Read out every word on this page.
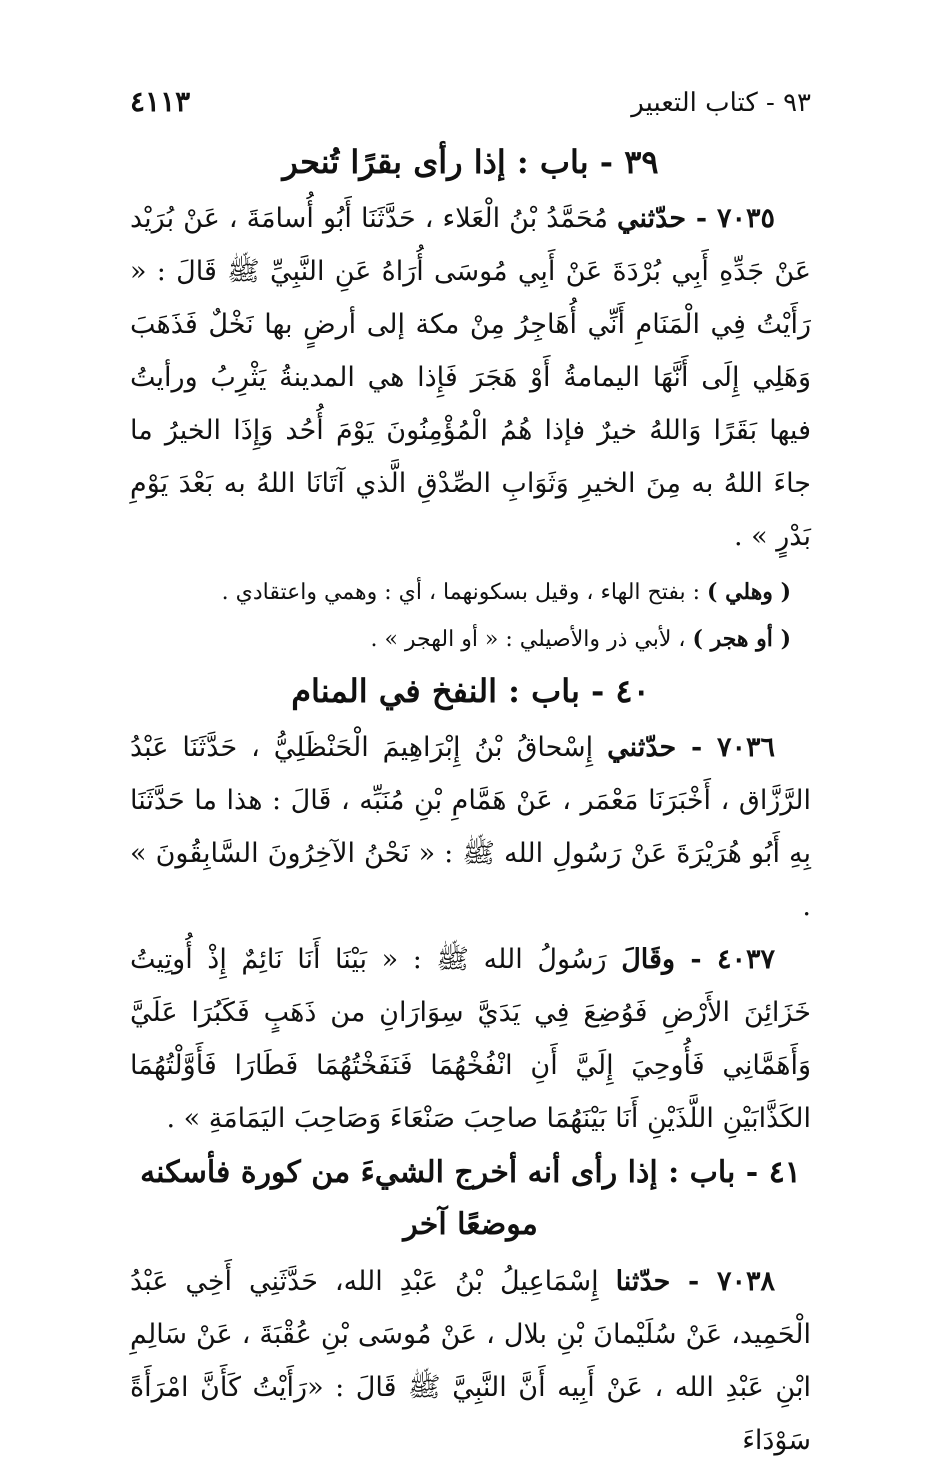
٩٣ - كتاب التعبير
٤١١٣
٣٩ - باب : إذا رأى بقرًا تُنحر

٧٠٣٥ - حدّثني مُحَمَّدُ بْنُ الْعَلاء ، حَدَّثَنَا أَبُو أُسامَةَ ، عَنْ بُرَيْد عَنْ جَدِّهِ أَبِي بُرْدَةَ عَنْ أَبِي مُوسَى أُرَاهُ عَنِ النَّبِيِّ ﷺ قَالَ : « رَأَيْتُ فِي الْمَنَامِ أَنِّي أُهَاجِرُ مِنْ مكة إلى أرضٍ بها نَخْلٌ فَذَهَبَ وَهَلِي إِلَى أَنَّهَا اليمامةُ أَوْ هَجَرَ فَإِذا هي المدينةُ يَثْرِبُ ورأيتُ فيها بَقَرًا وَاللهُ خيرٌ فإذا هُمُ الْمُؤْمِنُونَ يَوْمَ أُحُد وَإِذَا الخيرُ ما جاءَ اللهُ به مِنَ الخيرِ وَثَوَابِ الصِّدْقِ الَّذي آتَانَا اللهُ به بَعْدَ يَوْمِ بَدْرٍ » .

( وهلي ) : بفتح الهاء ، وقيل بسكونهما ، أي : وهمي واعتقادي .

( أو هجر ) ، لأبي ذر والأصيلي : « أو الهجر » .

٤٠ - باب : النفخ في المنام

٧٠٣٦ - حدّثني إِسْحاقُ بْنُ إِبْرَاهِيمَ الْحَنْظَلِيُّ ، حَدَّثَنَا عَبْدُ الرَّزَّاق ، أَخْبَرَنَا مَعْمَر ، عَنْ هَمَّامِ بْنِ مُنَبِّه ، قَالَ : هذا ما حَدَّثَنَا بِهِ أَبُو هُرَيْرَةَ عَنْ رَسُولِ الله ﷺ : « نَحْنُ الآخِرُونَ السَّابِقُونَ » .

٤٠٣٧ - وقَالَ رَسُولُ الله ﷺ : « بَيْنَا أَنَا نَائِمٌ إِذْ أُوتِيتُ خَزَائِنَ الأَرْضِ فَوُضِعَ فِي يَدَيَّ سِوَارَانِ من ذَهَبٍ فَكَبُرَا عَلَيَّ وَأَهَمَّانِي فَأُوحِيَ إِلَيَّ أَنِ انْفُخْهُمَا فَنَفَخْتُهُمَا فَطَارَا فَأَوَّلْتُهُمَا الكَذَّابَيْنِ اللَّذَيْنِ أَنَا بَيْنَهُمَا صاحِبَ صَنْعَاءَ وَصَاحِبَ اليَمَامَةِ » .

٤١ - باب : إذا رأى أنه أخرج الشيءَ من كورة فأسكنه موضعًا آخر

٧٠٣٨ - حدّثنا إِسْمَاعِيلُ بْنُ عَبْدِ الله، حَدَّثَنِي أَخِي عَبْدُ الْحَمِيد، عَنْ سُلَيْمانَ بْنِ بلال ، عَنْ مُوسَى بْنِ عُقْبَةَ ، عَنْ سَالِمِ ابْنِ عَبْدِ الله ، عَنْ أَبِيه أَنَّ النَّبِيَّ ﷺ قَالَ : «رَأَيْتُ كَأَنَّ امْرَأَةً سَوْدَاءَ
